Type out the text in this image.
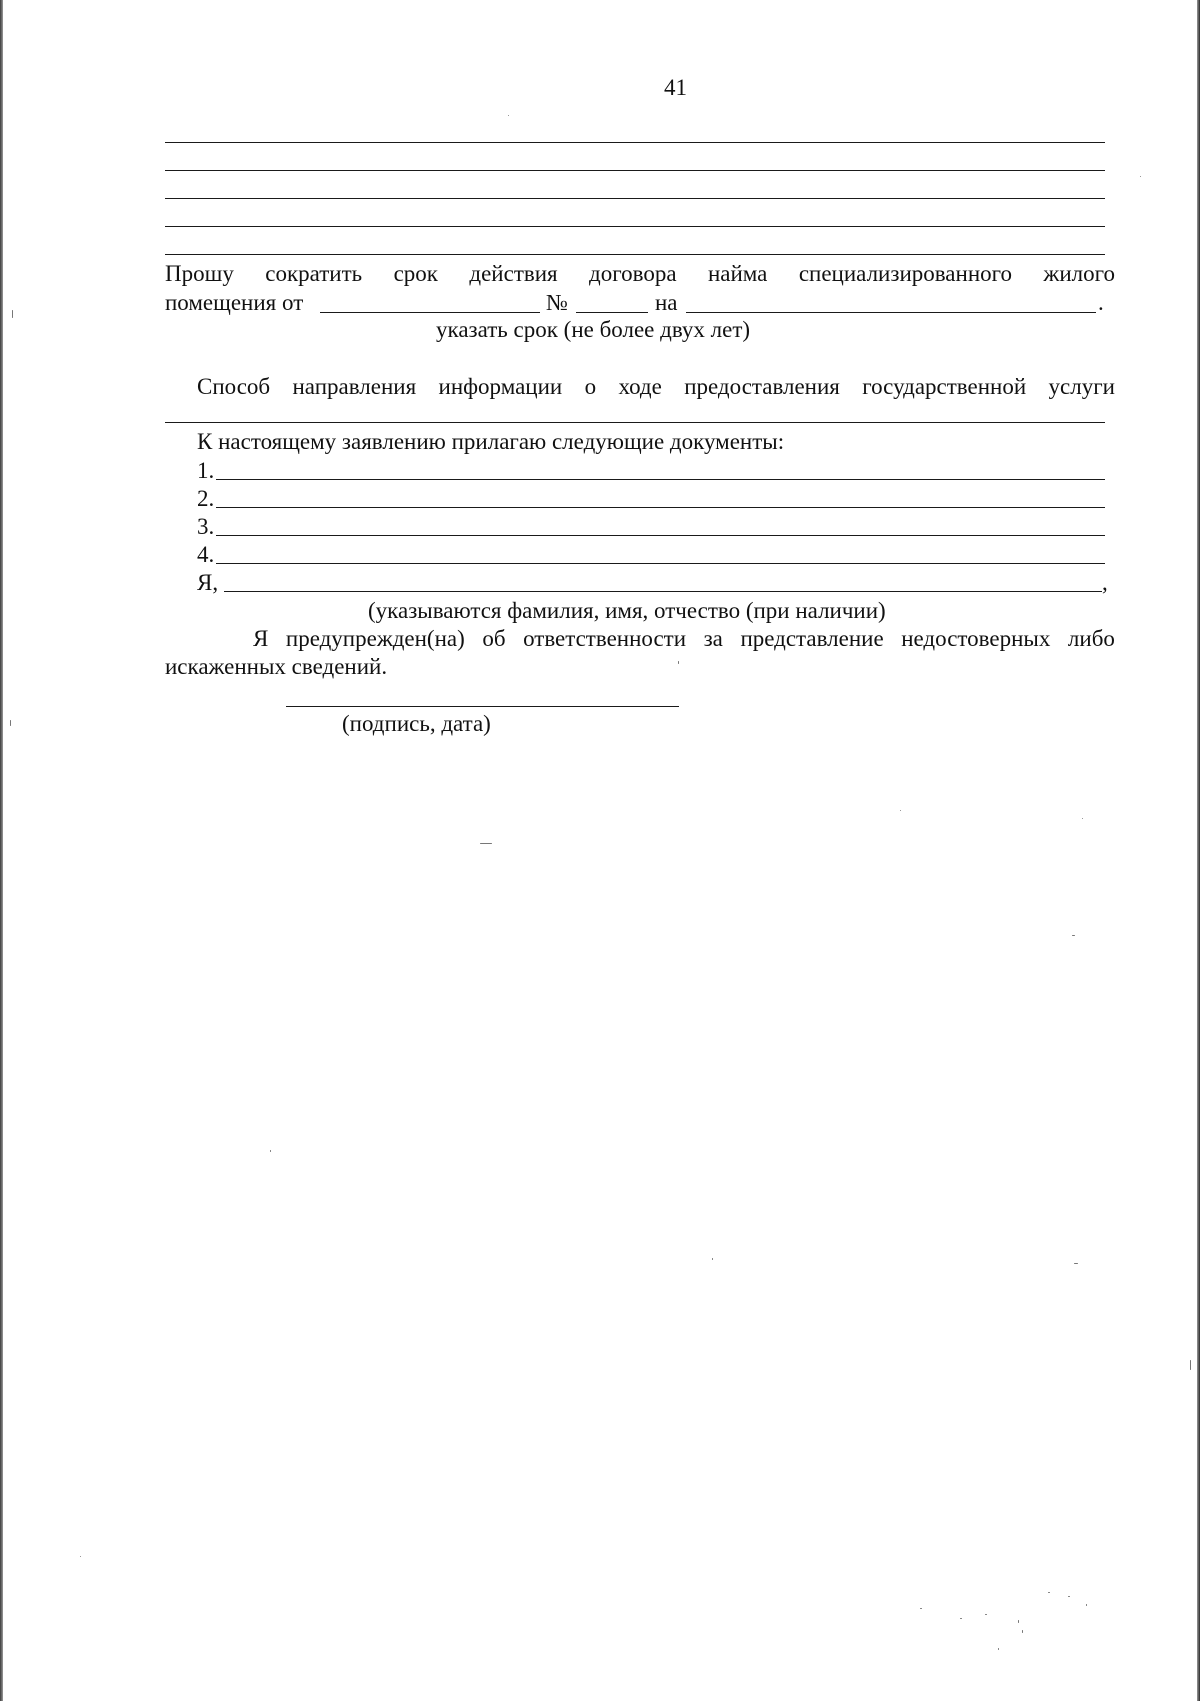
41
Прошу сократить срок действия договора найма специализированного жилого
помещения от	№	на	.
указать срок (не более двух лет)
Способ направления информации о ходе предоставления государственной услуги
К настоящему заявлению прилагаю следующие документы:
1.
2.
3.
4.
Я,	,
(указываются фамилия, имя, отчество (при наличии)
Я предупрежден(на) об ответственности за представление недостоверных либо
искаженных сведений.
(подпись, дата)
